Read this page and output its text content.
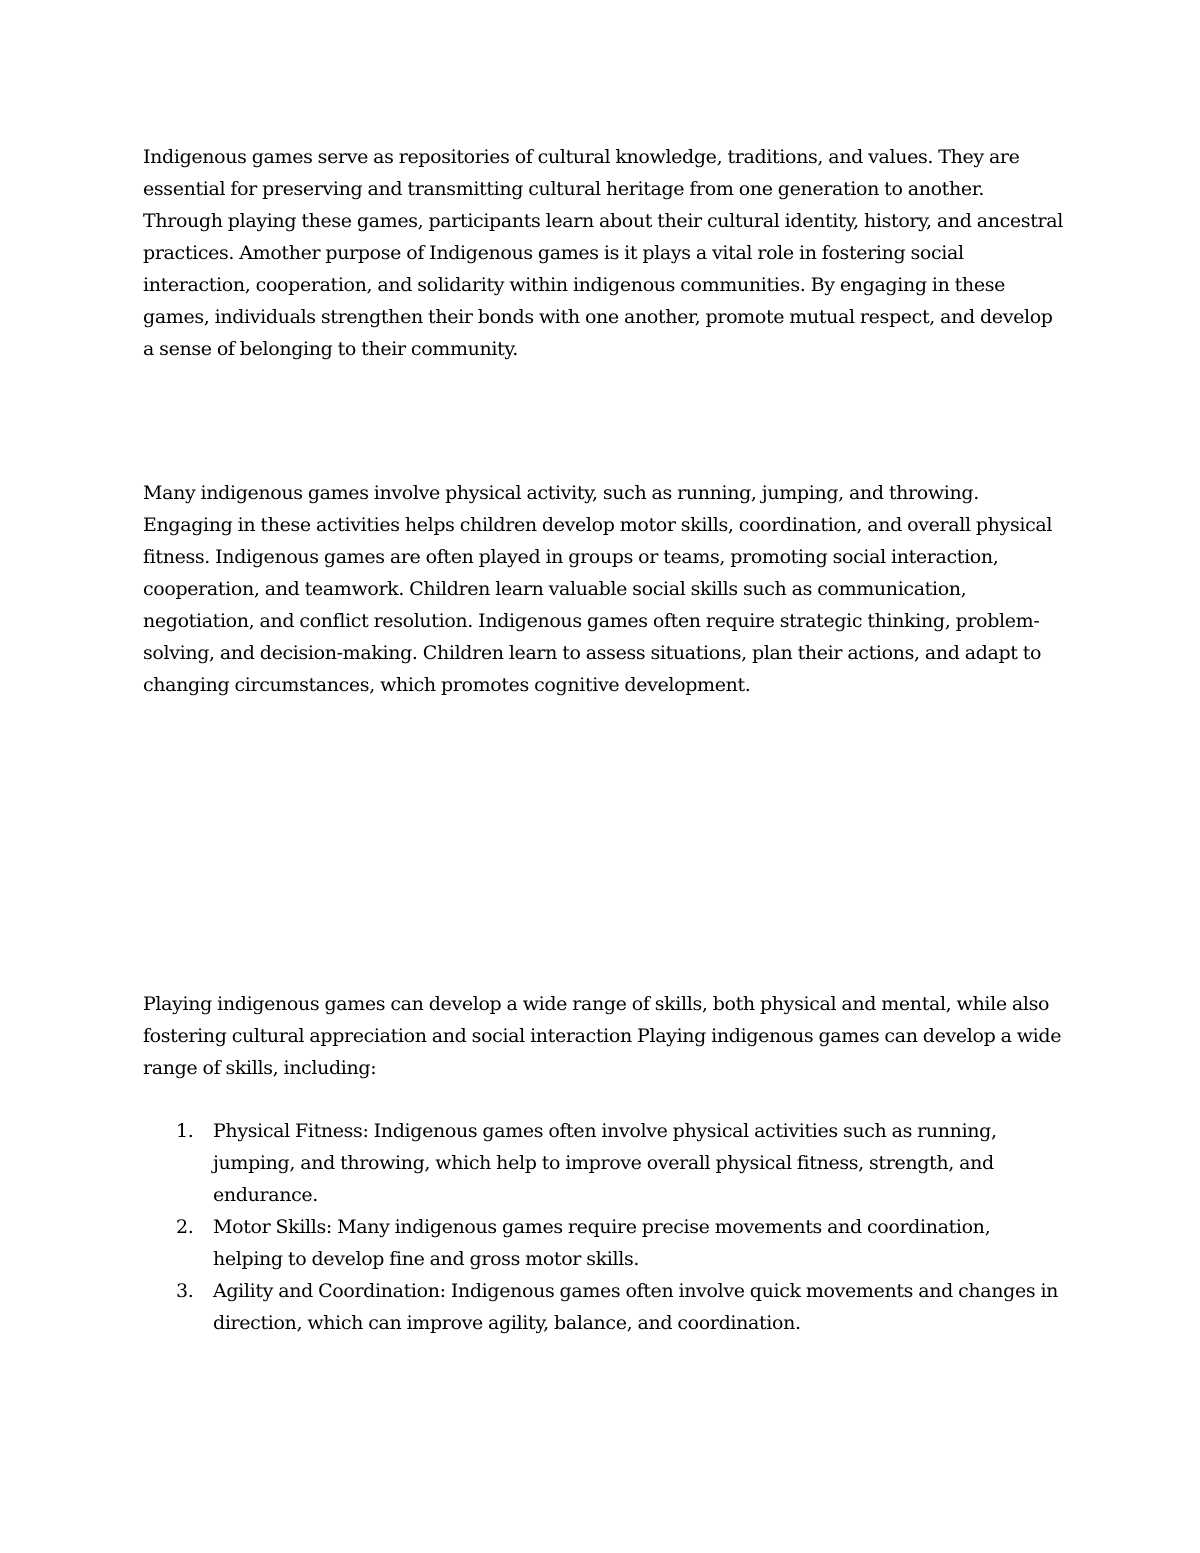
Indigenous games serve as repositories of cultural knowledge, traditions, and values. They are essential for preserving and transmitting cultural heritage from one generation to another. Through playing these games, participants learn about their cultural identity, history, and ancestral practices. Amother purpose of Indigenous games is it plays a vital role in fostering social interaction, cooperation, and solidarity within indigenous communities. By engaging in these games, individuals strengthen their bonds with one another, promote mutual respect, and develop a sense of belonging to their community.

Many indigenous games involve physical activity, such as running, jumping, and throwing. Engaging in these activities helps children develop motor skills, coordination, and overall physical fitness. Indigenous games are often played in groups or teams, promoting social interaction, cooperation, and teamwork. Children learn valuable social skills such as communication, negotiation, and conflict resolution. Indigenous games often require strategic thinking, problem-solving, and decision-making. Children learn to assess situations, plan their actions, and adapt to changing circumstances, which promotes cognitive development.

Playing indigenous games can develop a wide range of skills, both physical and mental, while also fostering cultural appreciation and social interaction Playing indigenous games can develop a wide range of skills, including:

1. Physical Fitness: Indigenous games often involve physical activities such as running, jumping, and throwing, which help to improve overall physical fitness, strength, and endurance.
2. Motor Skills: Many indigenous games require precise movements and coordination, helping to develop fine and gross motor skills.
3. Agility and Coordination: Indigenous games often involve quick movements and changes in direction, which can improve agility, balance, and coordination.
